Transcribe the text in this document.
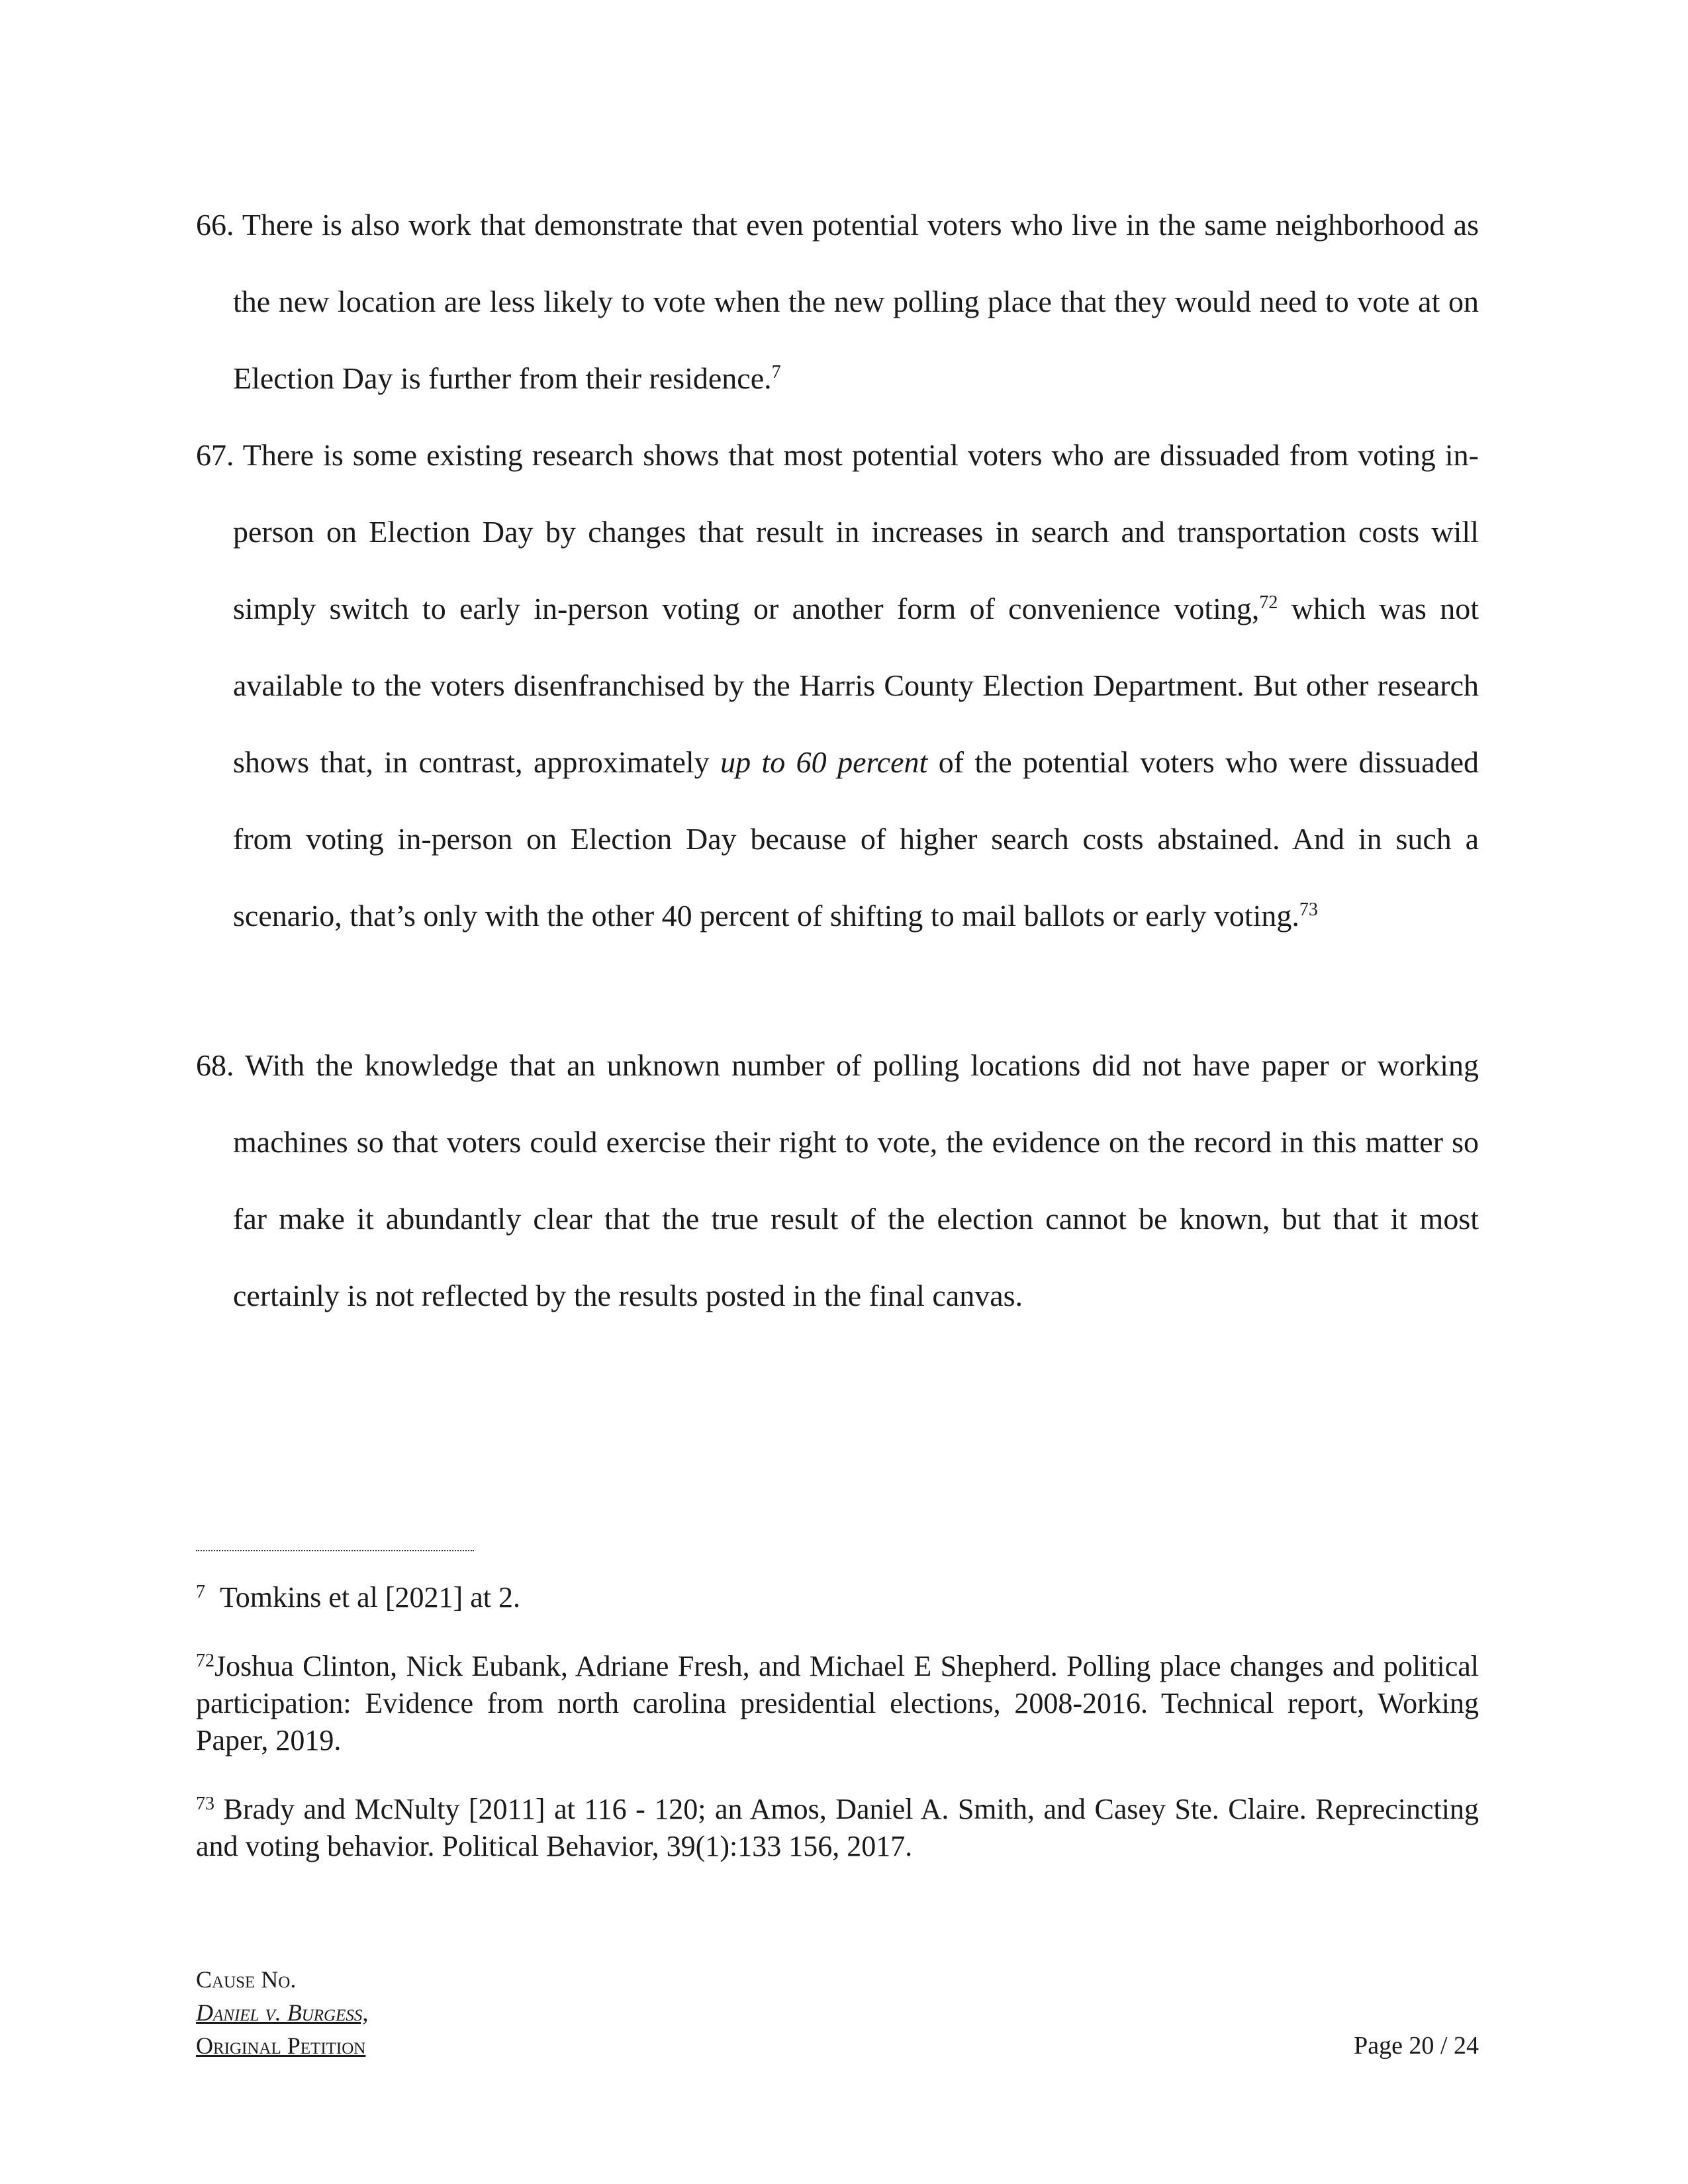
66. There is also work that demonstrate that even potential voters who live in the same neighborhood as the new location are less likely to vote when the new polling place that they would need to vote at on Election Day is further from their residence.$^7$

67. There is some existing research shows that most potential voters who are dissuaded from voting in-person on Election Day by changes that result in increases in search and transportation costs will simply switch to early in-person voting or another form of convenience voting,$^{72}$ which was not available to the voters disenfranchised by the Harris County Election Department. But other research shows that, in contrast, approximately up to 60 percent of the potential voters who were dissuaded from voting in-person on Election Day because of higher search costs abstained. And in such a scenario, that’s only with the other 40 percent of shifting to mail ballots or early voting.$^{73}$

68. With the knowledge that an unknown number of polling locations did not have paper or working machines so that voters could exercise their right to vote, the evidence on the record in this matter so far make it abundantly clear that the true result of the election cannot be known, but that it most certainly is not reflected by the results posted in the final canvas.

$^7$ Tomkins et al [2021] at 2.

$^{72}$Joshua Clinton, Nick Eubank, Adriane Fresh, and Michael E Shepherd. Polling place changes and political participation: Evidence from north carolina presidential elections, 2008-2016. Technical report, Working Paper, 2019.

$^{73}$ Brady and McNulty [2011] at 116 - 120; an Amos, Daniel A. Smith, and Casey Ste. Claire. Reprecincting and voting behavior. Political Behavior, 39(1):133 156, 2017.

Cause No.
Daniel v. Burgess,
Original Petition	Page 20 / 24
